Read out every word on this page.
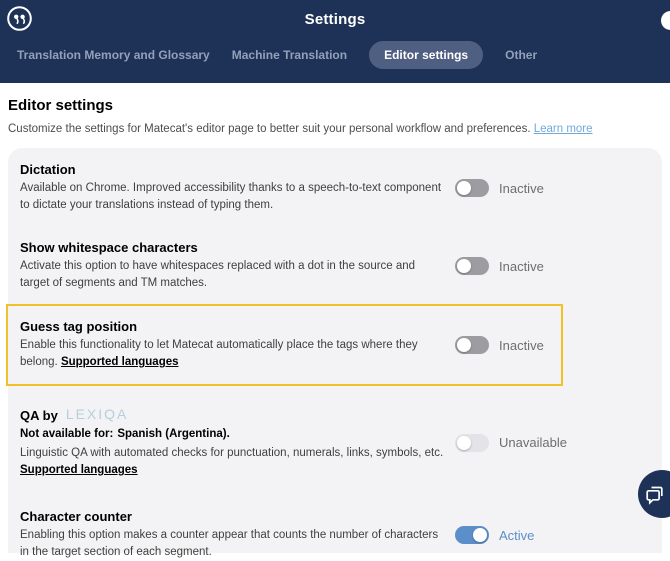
Settings
Translation Memory and Glossary Machine Translation	Editor settings	Other
Editor settings

Customize the settings for Matecat's editor page to better suit your personal workflow and preferences. Learn more

Dictation
Available on Chrome. Improved accessibility thanks to a speech-to-text component to dictate your translations instead of typing them.
Inactive
Show whitespace characters
Activate this option to have whitespaces replaced with a dot in the source and target of segments and TM matches.
Inactive
Guess tag position
Enable this functionality to let Matecat automatically place the tags where they belong. Supported languages
Inactive
QA by LEXIQA
Not available for: Spanish (Argentina).
Linguistic QA with automated checks for punctuation, numerals, links, symbols, etc. Supported languages
Unavailable
Character counter
Enabling this option makes a counter appear that counts the number of characters in the target section of each segment.
Active
